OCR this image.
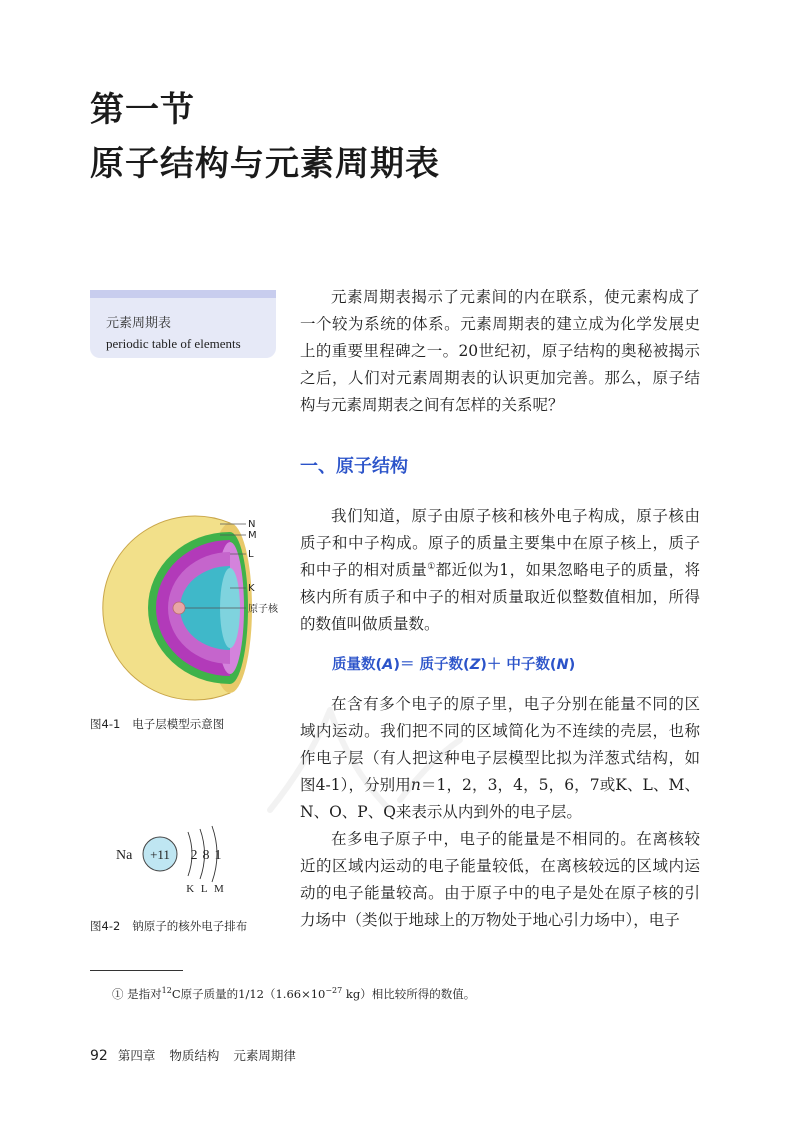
第一节
原子结构与元素周期表
元素周期表
periodic table of elements

元素周期表揭示了元素间的内在联系，使元素构成了一个较为系统的体系。元素周期表的建立成为化学发展史上的重要里程碑之一。20世纪初，原子结构的奥秘被揭示之后，人们对元素周期表的认识更加完善。那么，原子结构与元素周期表之间有怎样的关系呢？

一、原子结构

我们知道，原子由原子核和核外电子构成，原子核由质子和中子构成。原子的质量主要集中在原子核上，质子和中子的相对质量①都近似为1，如果忽略电子的质量，将核内所有质子和中子的相对质量取近似整数值相加，所得的数值叫做质量数。

质量数(A)＝ 质子数(Z)＋ 中子数(N)

在含有多个电子的原子里，电子分别在能量不同的区域内运动。我们把不同的区域简化为不连续的壳层，也称作电子层（有人把这种电子层模型比拟为洋葱式结构，如图4-1），分别用n＝1，2，3，4，5，6，7或K、L、M、N、O、P、Q来表示从内到外的电子层。

在多电子原子中，电子的能量是不相同的。在离核较近的区域内运动的电子能量较低，在离核较远的区域内运动的电子能量较高。由于原子中的电子是处在原子核的引力场中（类似于地球上的万物处于地心引力场中），电子

N
M
L
K
原子核
图4-1 电子层模型示意图
Na +11 2 8 1
K L M
图4-2 钠原子的核外电子排布
① 是指对$^{12}$C原子质量的$1/12(1.66\times 10^{-27}$ kg）相比较所得的数值。
92 第四章 物质结构 元素周期律
